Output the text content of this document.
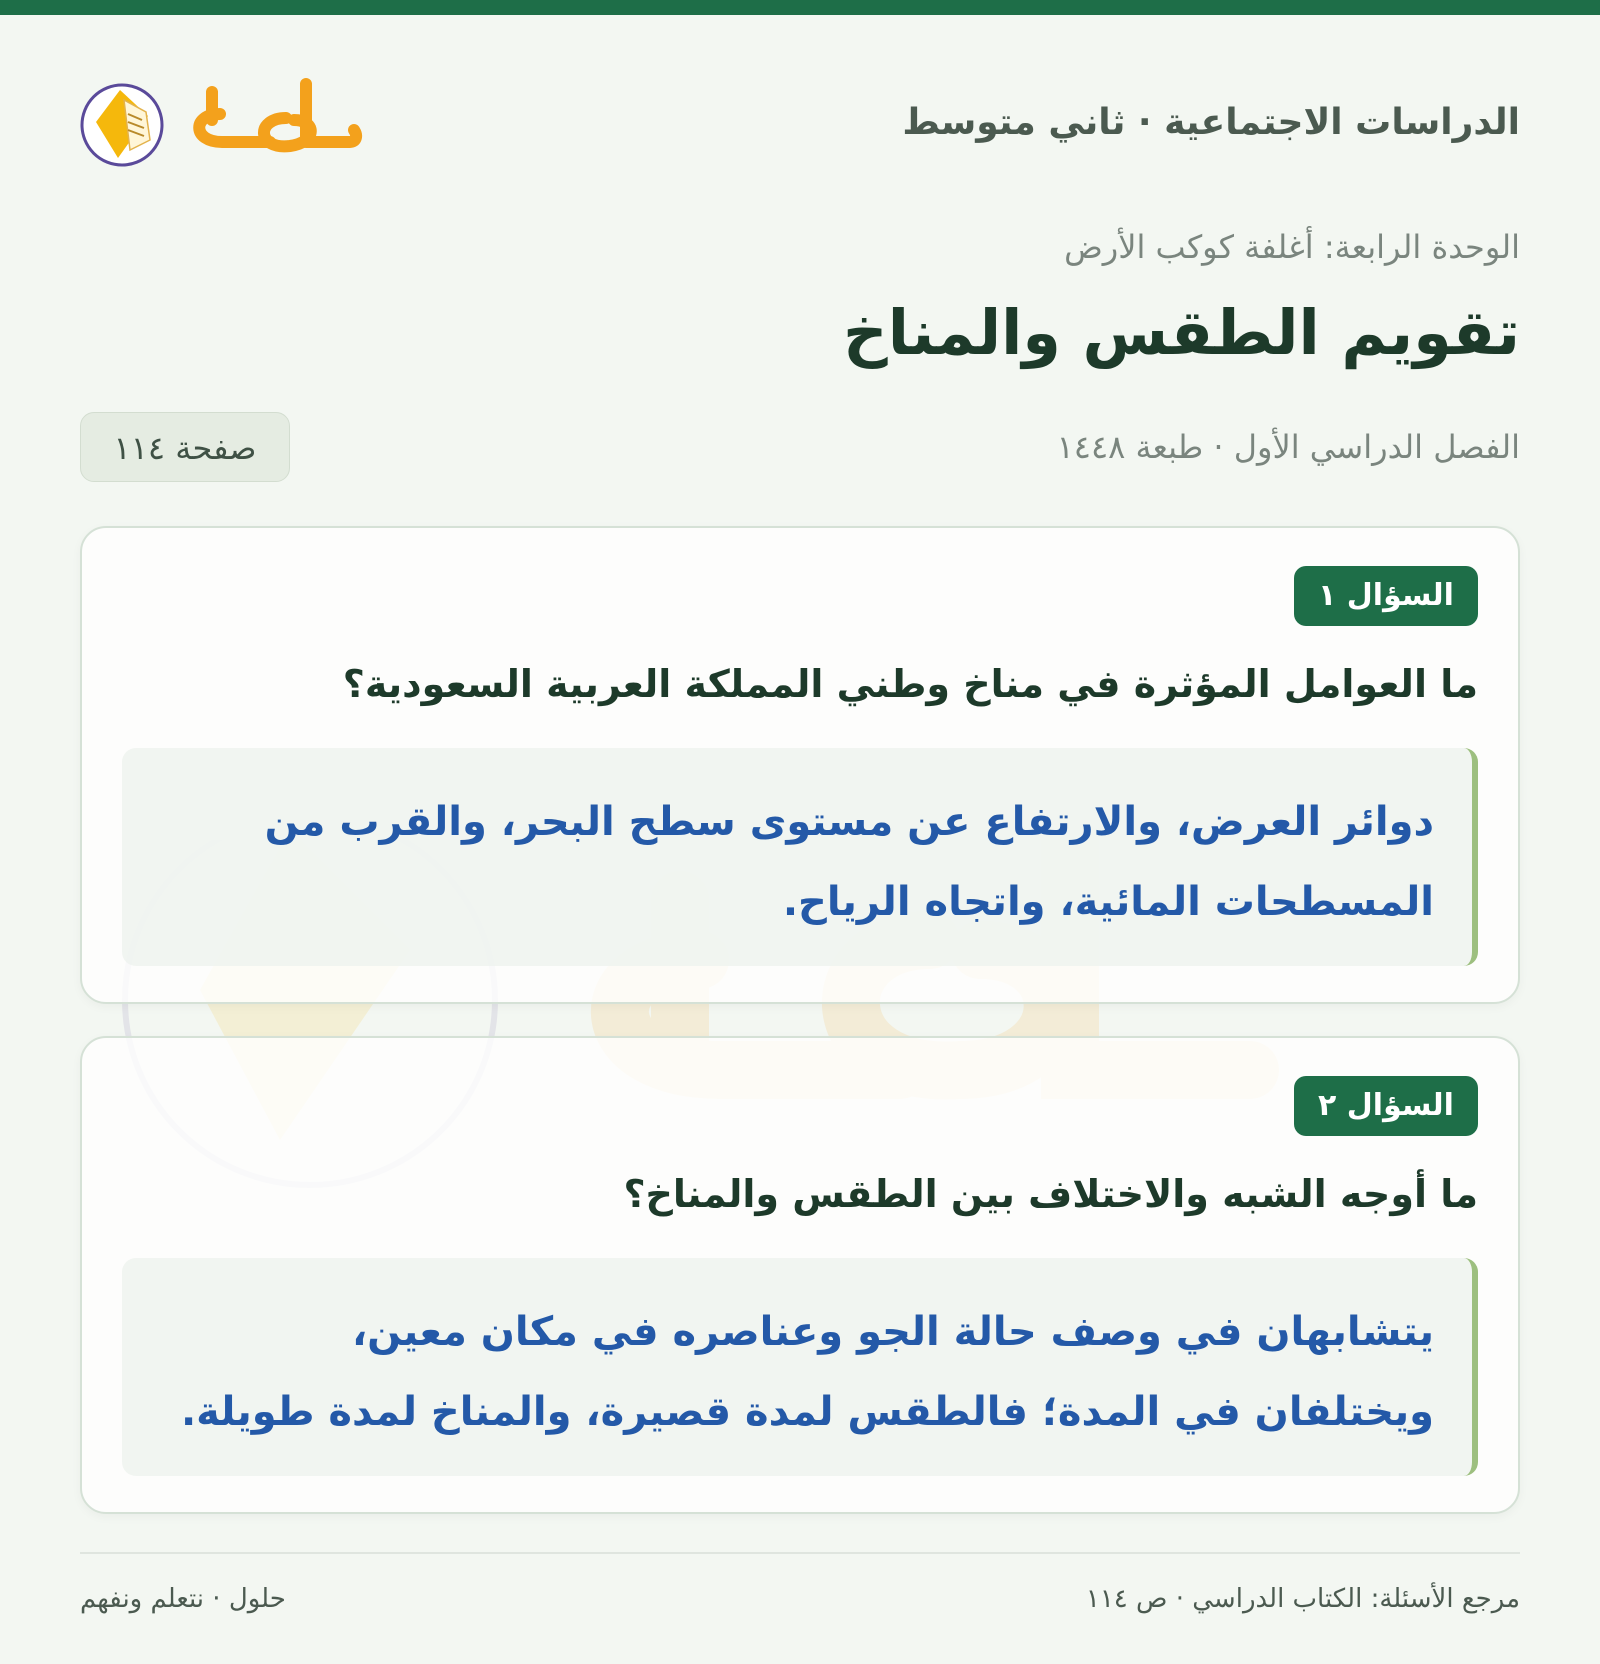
الدراسات الاجتماعية · ثاني متوسط
الوحدة الرابعة: أغلفة كوكب الأرض
تقويم الطقس والمناخ
الفصل الدراسي الأول · طبعة ١٤٤٨
صفحة ١١٤
السؤال ١
ما العوامل المؤثرة في مناخ وطني المملكة العربية السعودية؟
دوائر العرض، والارتفاع عن مستوى سطح البحر، والقرب من المسطحات المائية، واتجاه الرياح.
السؤال ٢
ما أوجه الشبه والاختلاف بين الطقس والمناخ؟
يتشابهان في وصف حالة الجو وعناصره في مكان معين، ويختلفان في المدة؛ فالطقس لمدة قصيرة، والمناخ لمدة طويلة.
مرجع الأسئلة: الكتاب الدراسي · ص ١١٤
حلول · نتعلم ونفهم
